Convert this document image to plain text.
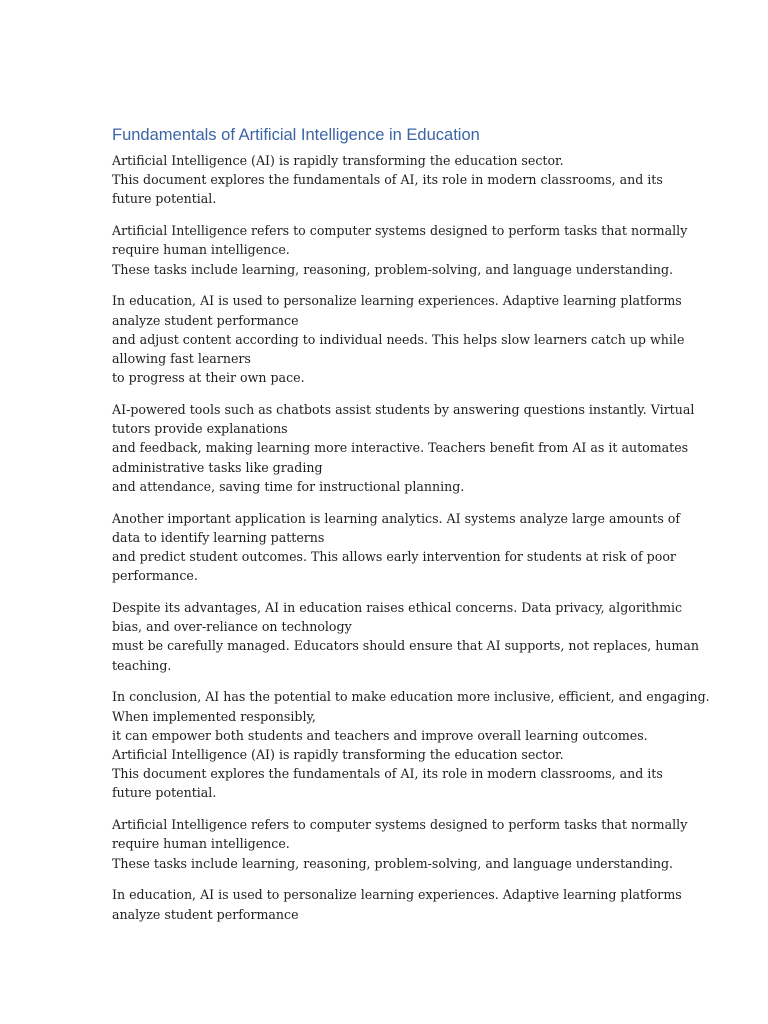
Fundamentals of Artificial Intelligence in Education

Artificial Intelligence (AI) is rapidly transforming the education sector.
This document explores the fundamentals of AI, its role in modern classrooms, and its
future potential.

Artificial Intelligence refers to computer systems designed to perform tasks that normally
require human intelligence.
These tasks include learning, reasoning, problem-solving, and language understanding.

In education, AI is used to personalize learning experiences. Adaptive learning platforms
analyze student performance
and adjust content according to individual needs. This helps slow learners catch up while
allowing fast learners
to progress at their own pace.

AI-powered tools such as chatbots assist students by answering questions instantly. Virtual
tutors provide explanations
and feedback, making learning more interactive. Teachers benefit from AI as it automates
administrative tasks like grading
and attendance, saving time for instructional planning.

Another important application is learning analytics. AI systems analyze large amounts of
data to identify learning patterns
and predict student outcomes. This allows early intervention for students at risk of poor
performance.

Despite its advantages, AI in education raises ethical concerns. Data privacy, algorithmic
bias, and over-reliance on technology
must be carefully managed. Educators should ensure that AI supports, not replaces, human
teaching.

In conclusion, AI has the potential to make education more inclusive, efficient, and engaging.
When implemented responsibly,
it can empower both students and teachers and improve overall learning outcomes.
Artificial Intelligence (AI) is rapidly transforming the education sector.
This document explores the fundamentals of AI, its role in modern classrooms, and its
future potential.

Artificial Intelligence refers to computer systems designed to perform tasks that normally
require human intelligence.
These tasks include learning, reasoning, problem-solving, and language understanding.

In education, AI is used to personalize learning experiences. Adaptive learning platforms
analyze student performance
